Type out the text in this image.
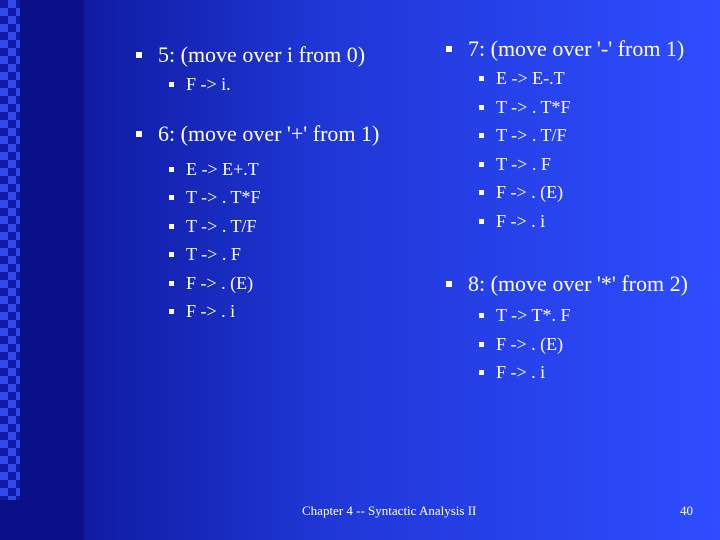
5: (move over i from 0)
F -> i.
6: (move over '+' from 1)
E -> E+.T
T -> . T*F
T -> . T/F
T -> . F
F -> . (E)
F -> . i
7: (move over '-' from 1)
E -> E-.T
T -> . T*F
T -> . T/F
T -> . F
F -> . (E)
F -> . i
8: (move over '*' from 2)
T -> T*. F
F -> . (E)
F -> . i
Chapter 4 -- Syntactic Analysis II	40
